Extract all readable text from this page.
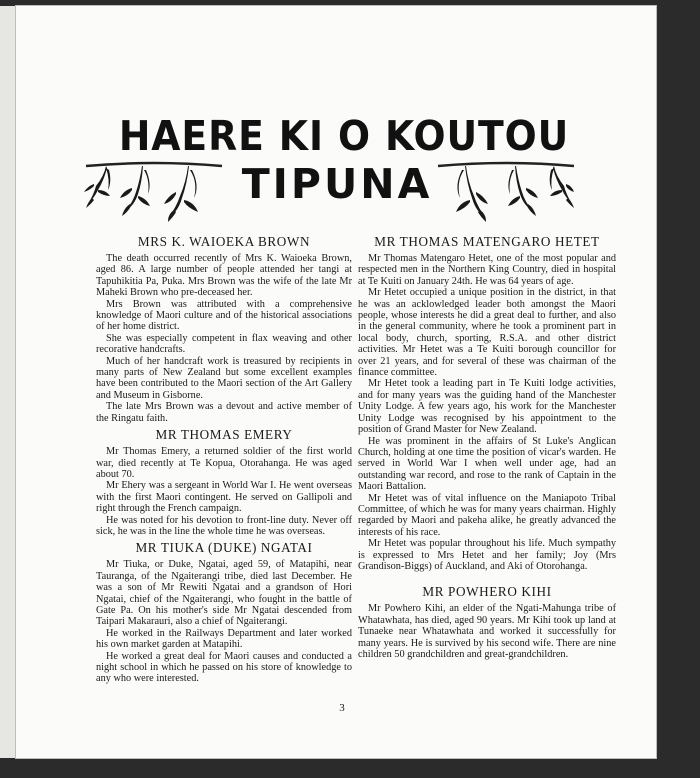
HAERE KI O KOUTOU
TIPUNA
MRS K. WAIOEKA BROWN

The death occurred recently of Mrs K. Waioeka Brown, aged 86. A large number of people attended her tangi at Tapuhikitia Pa, Puka. Mrs Brown was the wife of the late Mr Maheki Brown who pre-deceased her.

Mrs Brown was attributed with a comprehensive knowledge of Maori culture and of the historical associations of her home district.

She was especially competent in flax weaving and other recorative handcrafts.

Much of her handcraft work is treasured by recipients in many parts of New Zealand but some excellent examples have been contributed to the Maori section of the Art Gallery and Museum in Gisborne.

The late Mrs Brown was a devout and active member of the Ringatu faith.

MR THOMAS EMERY

Mr Thomas Emery, a returned soldier of the first world war, died recently at Te Kopua, Otorahanga. He was aged about 70.

Mr Ehery was a sergeant in World War I. He went overseas with the first Maori contingent. He served on Gallipoli and right through the French campaign.

He was noted for his devotion to front-line duty. Never off sick, he was in the line the whole time he was overseas.

MR TIUKA (DUKE) NGATAI

Mr Tiuka, or Duke, Ngatai, aged 59, of Matapihi, near Tauranga, of the Ngaiterangi tribe, died last December. He was a son of Mr Rewiti Ngatai and a grandson of Hori Ngatai, chief of the Ngaiterangi, who fought in the battle of Gate Pa. On his mother's side Mr Ngatai descended from Taipari Makarauri, also a chief of Ngaiterangi.

He worked in the Railways Department and later worked his own market garden at Matapihi.

He worked a great deal for Maori causes and conducted a night school in which he passed on his store of knowledge to any who were interested.

MR THOMAS MATENGARO HETET

Mr Thomas Matengaro Hetet, one of the most popular and respected men in the Northern King Country, died in hospital at Te Kuiti on January 24th. He was 64 years of age.

Mr Hetet occupied a unique position in the district, in that he was an acklowledged leader both amongst the Maori people, whose interests he did a great deal to further, and also in the general community, where he took a prominent part in local body, church, sporting, R.S.A. and other district activities. Mr Hetet was a Te Kuiti borough councillor for over 21 years, and for several of these was chairman of the finance committee.

Mr Hetet took a leading part in Te Kuiti lodge activities, and for many years was the guiding hand of the Manchester Unity Lodge. A few years ago, his work for the Manchester Unity Lodge was recognised by his appointment to the position of Grand Master for New Zealand.

He was prominent in the affairs of St Luke's Anglican Church, holding at one time the position of vicar's warden. He served in World War I when well under age, had an outstanding war record, and rose to the rank of Captain in the Maori Battalion.

Mr Hetet was of vital influence on the Maniapoto Tribal Committee, of which he was for many years chairman. Highly regarded by Maori and pakeha alike, he greatly advanced the interests of his race.

Mr Hetet was popular throughout his life. Much sympathy is expressed to Mrs Hetet and her family; Joy (Mrs Grandison-Biggs) of Auckland, and Aki of Otorohanga.

MR POWHERO KIHI

Mr Powhero Kihi, an elder of the Ngati-Mahunga tribe of Whatawhata, has died, aged 90 years. Mr Kihi took up land at Tunaeke near Whatawhata and worked it successfully for many years. He is survived by his second wife. There are nine children 50 grandchildren and great-grandchildren.

3
